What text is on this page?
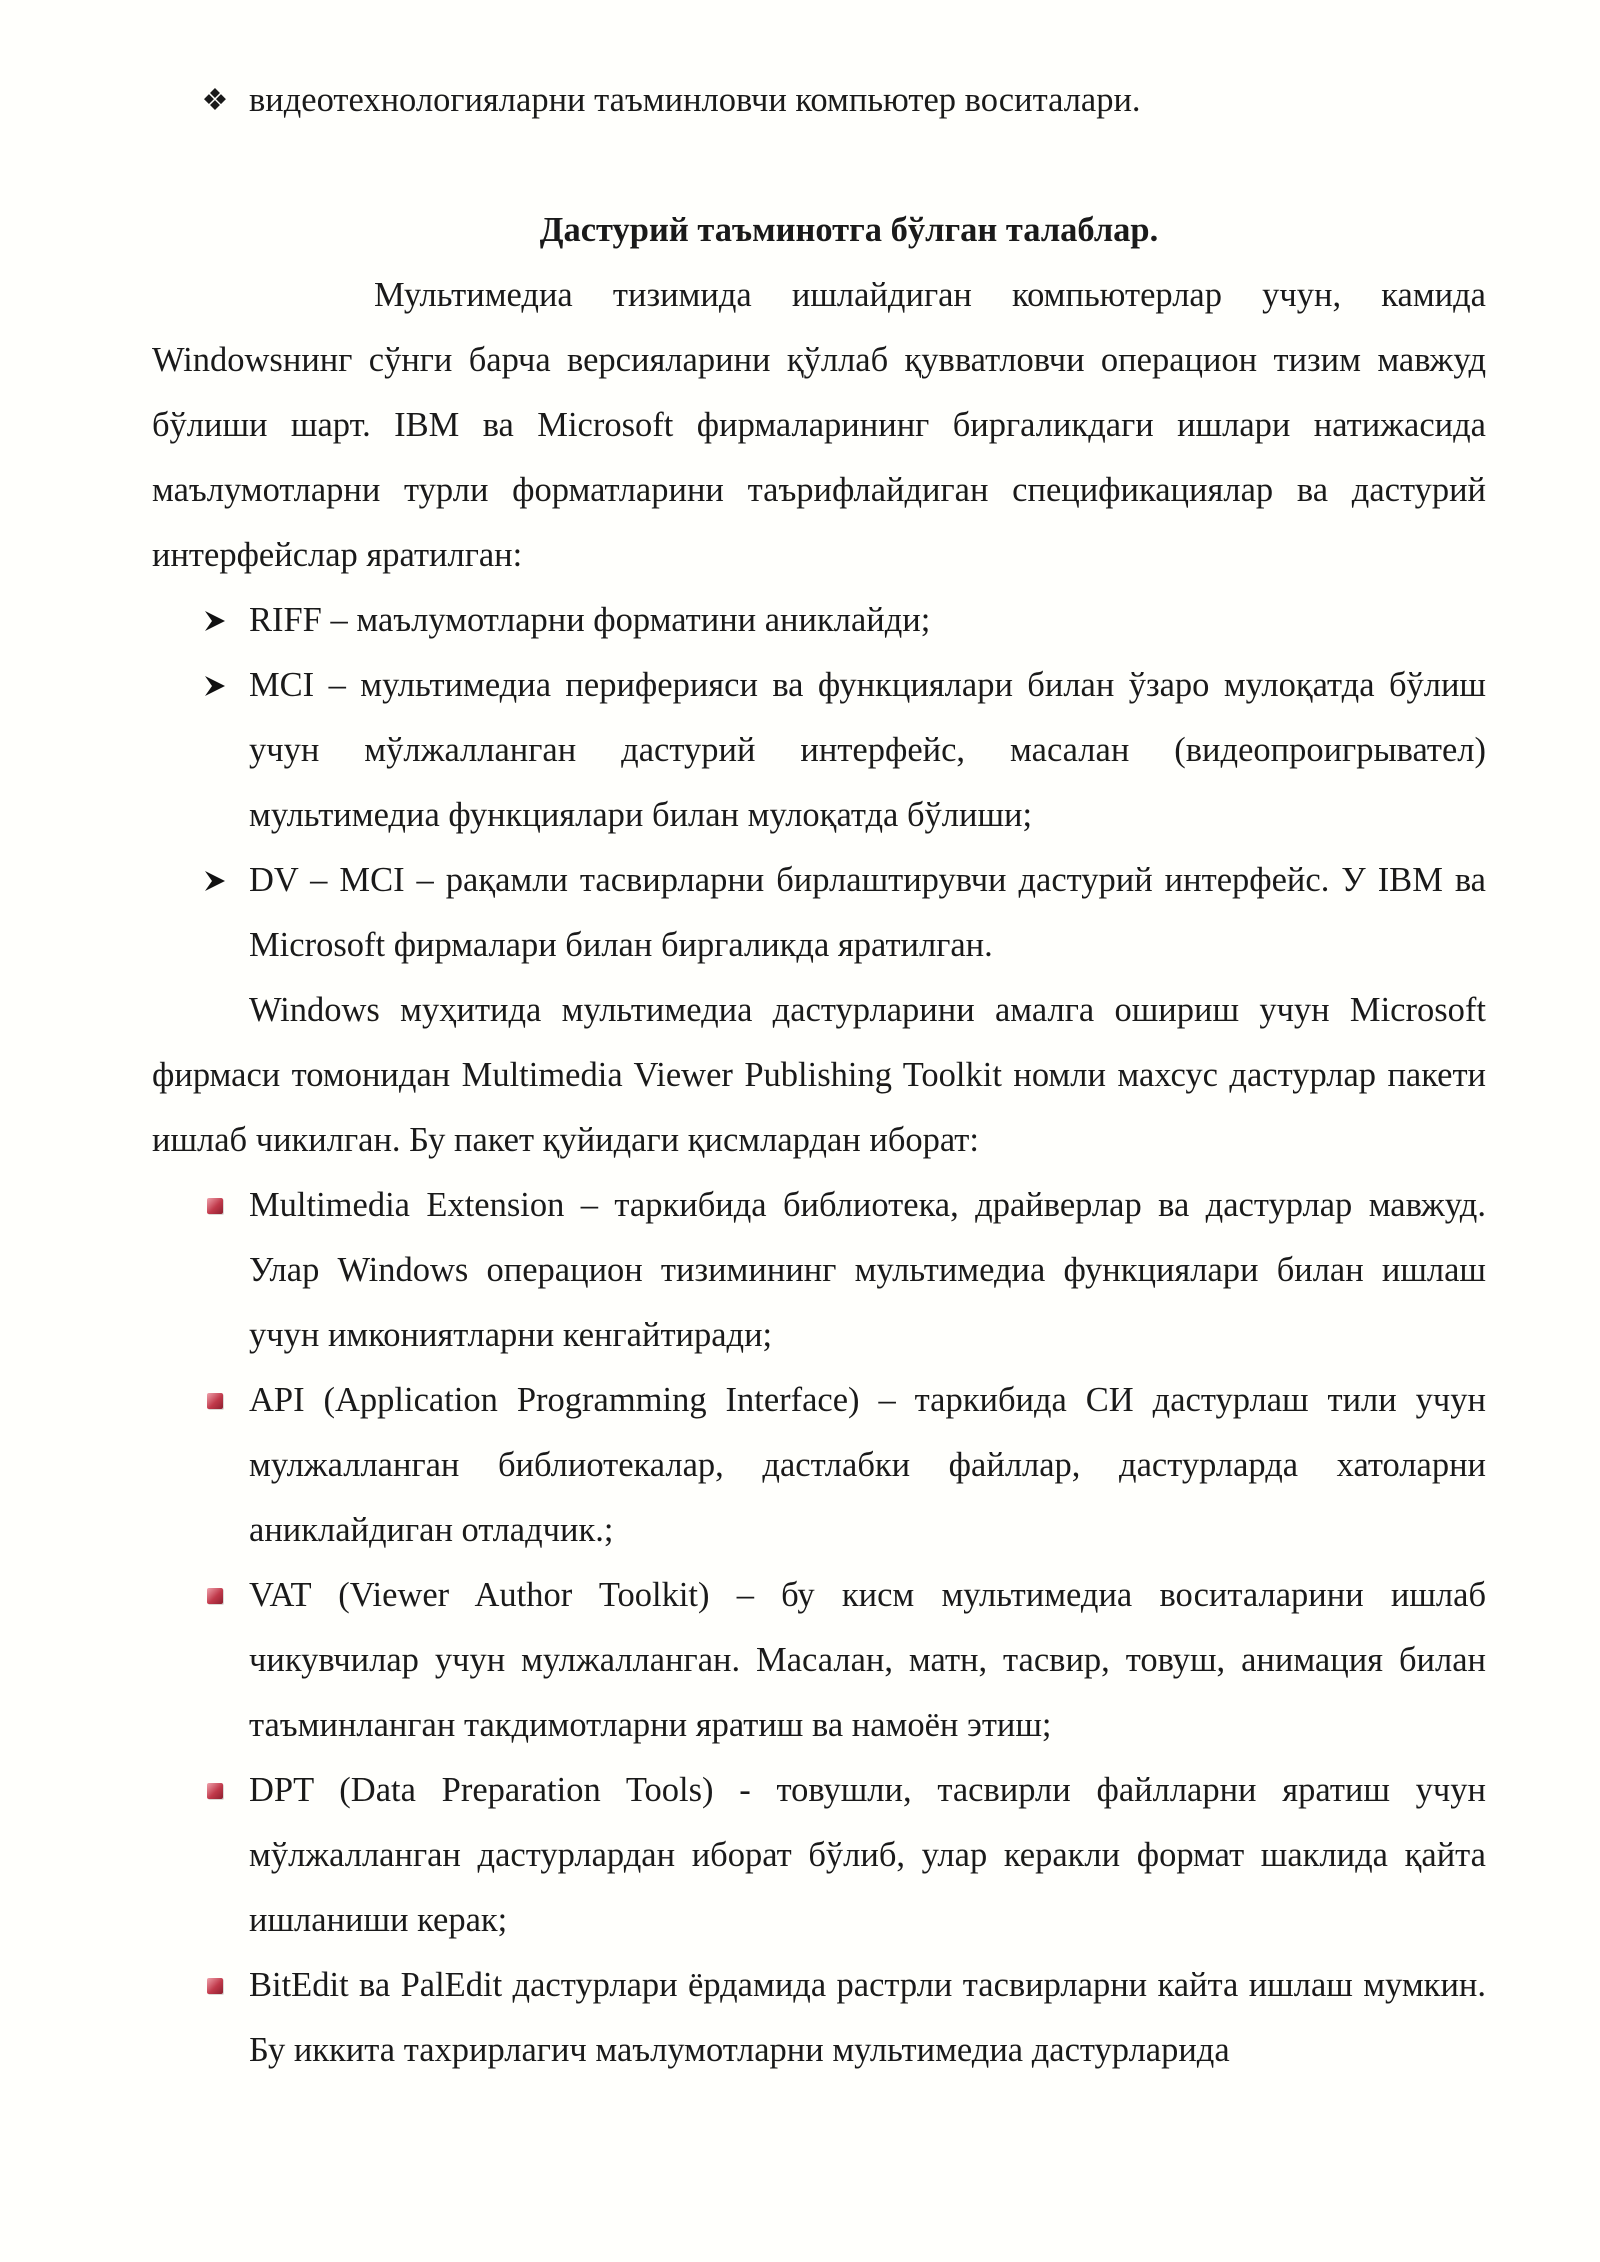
❖ видеотехнологияларни таъминловчи компьютер воситалари.

Дастурий таъминотга бўлган талаблар.

Мультимедиа тизимида ишлайдиган компьютерлар учун, камида Windowsнинг сўнги барча версияларини қўллаб қувватловчи операцион тизим мавжуд бўлиши шарт. IBM ва Microsoft фирмаларининг биргаликдаги ишлари натижасида маълумотларни турли форматларини таърифлайдиган спецификациялар ва дастурий интерфейслар яратилган:

RIFF – маълумотларни форматини аниклайди;

MCI – мультимедиа периферияси ва функциялари билан ўзаро мулоқатда бўлиш учун мўлжалланган дастурий интерфейс, масалан (видеопроигрывател) мультимедиа функциялари билан мулоқатда бўлиши;

DV – MCI – рақамли тасвирларни бирлаштирувчи дастурий интерфейс. У IBM ва Microsoft фирмалари билан биргаликда яратилган.

Windows муҳитида мультимедиа дастурларини амалга ошириш учун Microsoft фирмаси томонидан Multimedia Viewer Publishing Toolkit номли махсус дастурлар пакети ишлаб чикилган. Бу пакет қуйидаги қисмлардан иборат:

Multimedia Extension – таркибида библиотека, драйверлар ва дастурлар мавжуд. Улар Windows операцион тизимининг мультимедиа функциялари билан ишлаш учун имкониятларни кенгайтиради;

API (Application Programming Interface) – таркибида СИ дастурлаш тили учун мулжалланган библиотекалар, дастлабки файллар, дастурларда хатоларни аниклайдиган отладчик.;

VAT (Viewer Author Toolkit) – бу кисм мультимедиа воситаларини ишлаб чикувчилар учун мулжалланган. Масалан, матн, тасвир, товуш, анимация билан таъминланган такдимотларни яратиш ва намоён этиш;

DPT (Data Preparation Tools) - товушли, тасвирли файлларни яратиш учун мўлжалланган дастурлардан иборат бўлиб, улар керакли формат шаклида қайта ишланиши керак;

BitEdit ва PalEdit дастурлари ёрдамида растрли тасвирларни кайта ишлаш мумкин. Бу иккита тахрирлагич маълумотларни мультимедиа дастурларида
